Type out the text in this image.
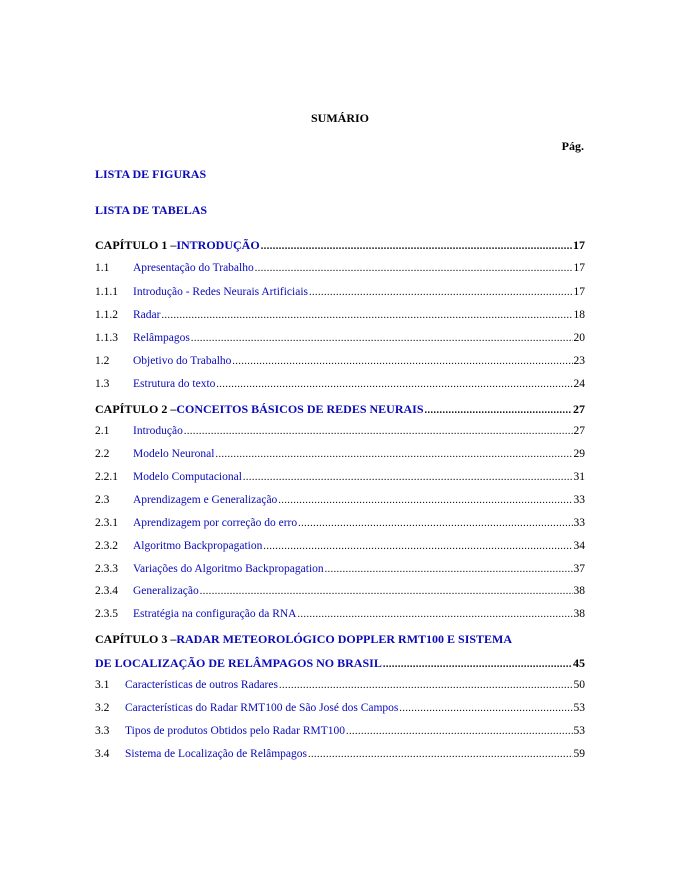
SUMÁRIO
Pág.
LISTA DE FIGURAS
LISTA DE TABELAS
CAPÍTULO 1 – INTRODUÇÃO .....	17
1.1	Apresentação do Trabalho .....	17
1.1.1	Introdução - Redes Neurais Artificiais .....	17
1.1.2	Radar .....	18
1.1.3	Relâmpagos .....	20
1.2	Objetivo do Trabalho .....	23
1.3	Estrutura do texto .....	24
CAPÍTULO 2 – CONCEITOS BÁSICOS DE REDES NEURAIS .....	27
2.1	Introdução .....	27
2.2	Modelo Neuronal .....	29
2.2.1	Modelo Computacional .....	31
2.3	Aprendizagem e Generalização .....	33
2.3.1	Aprendizagem por correção do erro .....	33
2.3.2	Algoritmo Backpropagation .....	34
2.3.3	Variações do Algoritmo Backpropagation .....	37
2.3.4	Generalização .....	38
2.3.5	Estratégia na configuração da RNA .....	38
CAPÍTULO 3 – RADAR METEOROLÓGICO DOPPLER RMT100 E SISTEMA
DE LOCALIZAÇÃO DE RELÂMPAGOS NO BRASIL .....	45
3.1	Características de outros Radares .....	50
3.2	Características do Radar RMT100 de São José dos Campos .....	53
3.3	Tipos de produtos Obtidos pelo Radar RMT100 .....	53
3.4	Sistema de Localização de Relâmpagos .....	59
